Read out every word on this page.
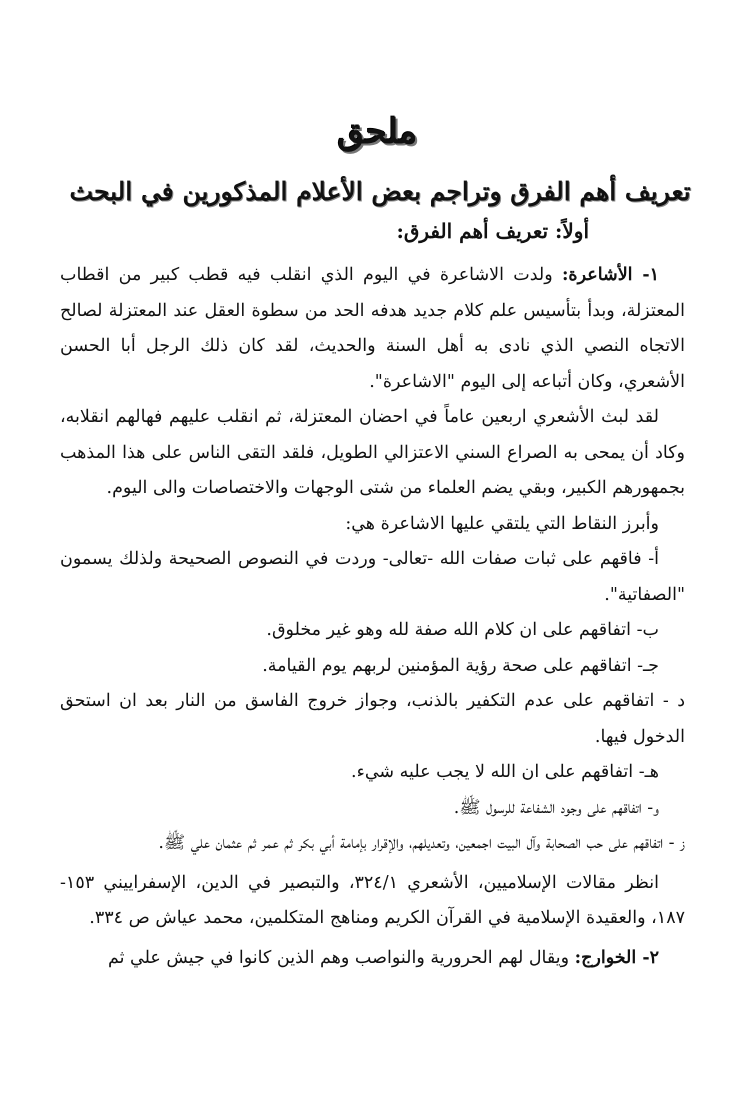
ملحق
تعريف أهم الفرق وتراجم بعض الأعلام المذكورين في البحث
أولاً: تعريف أهم الفرق:

١- الأشاعرة: ولدت الاشاعرة في اليوم الذي انقلب فيه قطب كبير من اقطاب المعتزلة، وبدأ بتأسيس علم كلام جديد هدفه الحد من سطوة العقل عند المعتزلة لصالح الاتجاه النصي الذي نادى به أهل السنة والحديث، لقد كان ذلك الرجل أبا الحسن الأشعري، وكان أتباعه إلى اليوم "الاشاعرة".

لقد لبث الأشعري اربعين عاماً في احضان المعتزلة، ثم انقلب عليهم فهالهم انقلابه، وكاد أن يمحى به الصراع السني الاعتزالي الطويل، فلقد التقى الناس على هذا المذهب بجمهورهم الكبير، وبقي يضم العلماء من شتى الوجهات والاختصاصات والى اليوم.

وأبرز النقاط التي يلتقي عليها الاشاعرة هي:

أ- فاقهم على ثبات صفات الله -تعالى- وردت في النصوص الصحيحة ولذلك يسمون "الصفاتية".

ب- اتفاقهم على ان كلام الله صفة لله وهو غير مخلوق.

جـ- اتفاقهم على صحة رؤية المؤمنين لربهم يوم القيامة.

د - اتفاقهم على عدم التكفير بالذنب، وجواز خروج الفاسق من النار بعد ان استحق الدخول فيها.

هـ- اتفاقهم على ان الله لا يجب عليه شيء.

و- اتفاقهم على وجود الشفاعة للرسول ﷺ.

ز - اتفاقهم على حب الصحابة وآل البيت اجمعين، وتعديلهم، والإقرار بإمامة أبي بكر ثم عمر ثم عثمان علي ﷺ.

انظر مقالات الإسلاميين، الأشعري ٣٢٤/١، والتبصير في الدين، الإسفراييني ١٥٣- ١٨٧، والعقيدة الإسلامية في القرآن الكريم ومناهج المتكلمين، محمد عياش ص ٣٣٤.

٢- الخوارج: ويقال لهم الحرورية والنواصب وهم الذين كانوا في جيش علي ثم
